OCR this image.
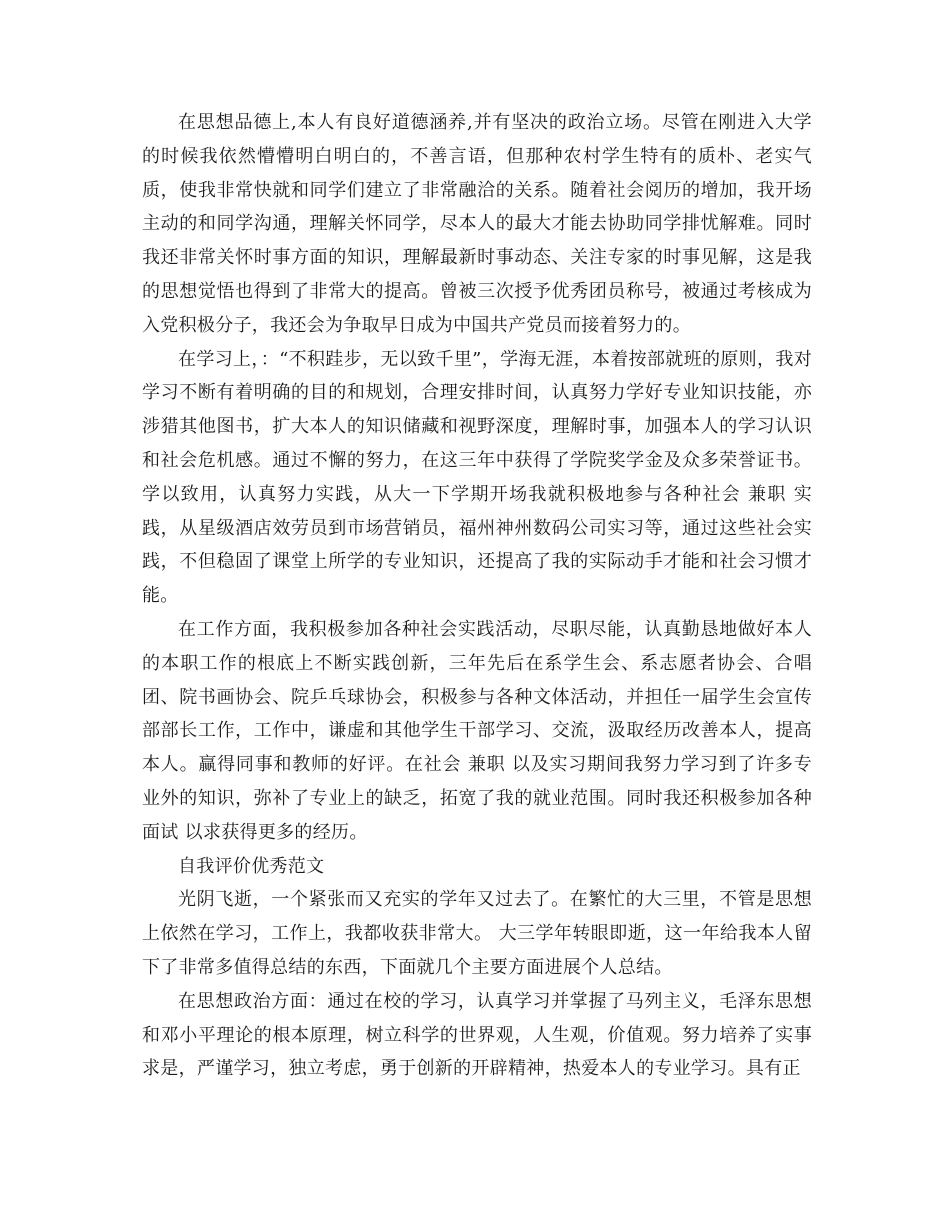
在思想品德上,本人有良好道德涵养,并有坚决的政治立场。尽管在刚进入大学的时候我依然懵懵明白明白的，不善言语，但那种农村学生特有的质朴、老实气质，使我非常快就和同学们建立了非常融洽的关系。随着社会阅历的增加，我开场主动的和同学沟通，理解关怀同学，尽本人的最大才能去协助同学排忧解难。同时我还非常关怀时事方面的知识，理解最新时事动态、关注专家的时事见解，这是我的思想觉悟也得到了非常大的提高。曾被三次授予优秀团员称号，被通过考核成为入党积极分子，我还会为争取早日成为中国共产党员而接着努力的。

在学习上，：“不积跬步，无以致千里”，学海无涯，本着按部就班的原则，我对学习不断有着明确的目的和规划，合理安排时间，认真努力学好专业知识技能，亦涉猎其他图书，扩大本人的知识储藏和视野深度，理解时事，加强本人的学习认识和社会危机感。通过不懈的努力，在这三年中获得了学院奖学金及众多荣誉证书。学以致用，认真努力实践，从大一下学期开场我就积极地参与各种社会 兼职 实践，从星级酒店效劳员到市场营销员，福州神州数码公司实习等，通过这些社会实践，不但稳固了课堂上所学的专业知识，还提高了我的实际动手才能和社会习惯才能。

在工作方面，我积极参加各种社会实践活动，尽职尽能，认真勤恳地做好本人的本职工作的根底上不断实践创新，三年先后在系学生会、系志愿者协会、合唱团、院书画协会、院乒乓球协会，积极参与各种文体活动，并担任一届学生会宣传部部长工作，工作中，谦虚和其他学生干部学习、交流，汲取经历改善本人，提高本人。赢得同事和教师的好评。在社会 兼职 以及实习期间我努力学习到了许多专业外的知识，弥补了专业上的缺乏，拓宽了我的就业范围。同时我还积极参加各种 面试 以求获得更多的经历。

自我评价优秀范文

光阴飞逝，一个紧张而又充实的学年又过去了。在繁忙的大三里，不管是思想上依然在学习，工作上，我都收获非常大。 大三学年转眼即逝，这一年给我本人留下了非常多值得总结的东西，下面就几个主要方面进展个人总结。

在思想政治方面：通过在校的学习，认真学习并掌握了马列主义，毛泽东思想和邓小平理论的根本原理，树立科学的世界观，人生观，价值观。努力培养了实事求是，严谨学习，独立考虑，勇于创新的开辟精神，热爱本人的专业学习。具有正
